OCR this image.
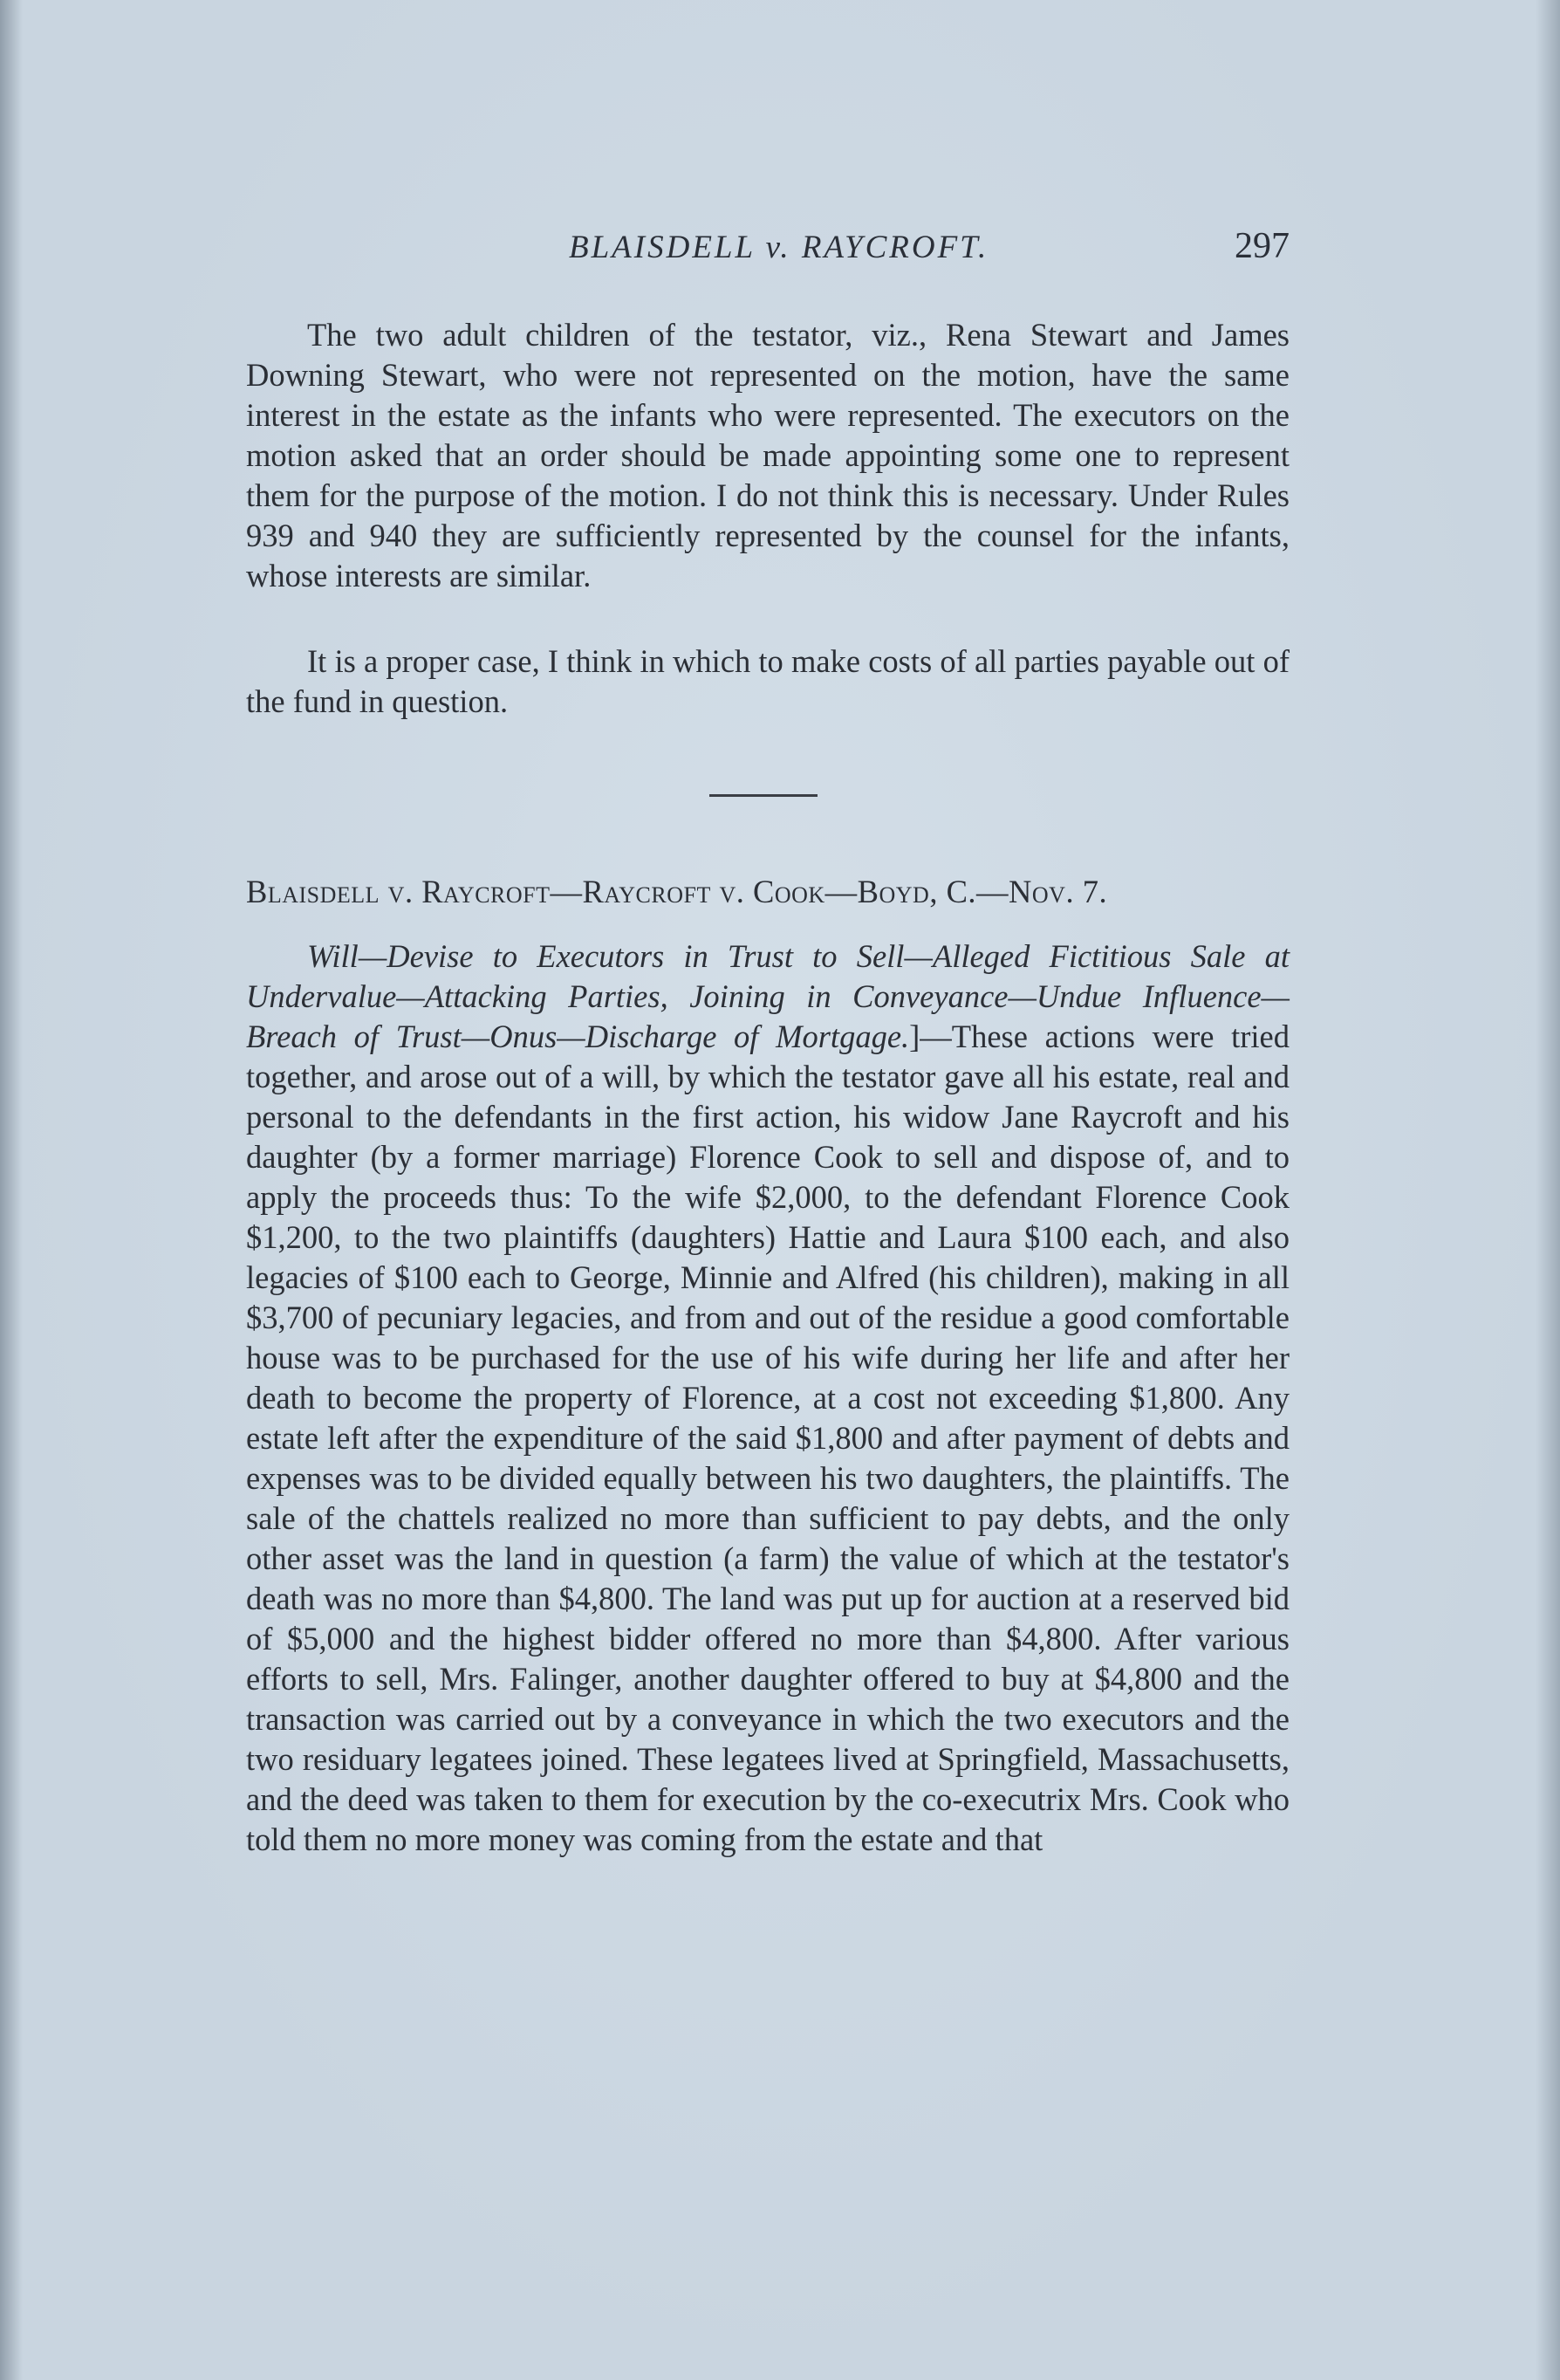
BLAISDELL v. RAYCROFT.	297

The two adult children of the testator, viz., Rena Stewart and James Downing Stewart, who were not represented on the motion, have the same interest in the estate as the infants who were represented. The executors on the motion asked that an order should be made appointing some one to represent them for the purpose of the motion. I do not think this is necessary. Under Rules 939 and 940 they are sufficiently represented by the counsel for the infants, whose interests are similar.

It is a proper case, I think in which to make costs of all parties payable out of the fund in question.

Blaisdell v. Raycroft—Raycroft v. Cook—Boyd, C.—Nov. 7.

Will—Devise to Executors in Trust to Sell—Alleged Fictitious Sale at Undervalue—Attacking Parties, Joining in Conveyance—Undue Influence—Breach of Trust—Onus—Discharge of Mortgage.]—These actions were tried together, and arose out of a will, by which the testator gave all his estate, real and personal to the defendants in the first action, his widow Jane Raycroft and his daughter (by a former marriage) Florence Cook to sell and dispose of, and to apply the proceeds thus: To the wife $2,000, to the defendant Florence Cook $1,200, to the two plaintiffs (daughters) Hattie and Laura $100 each, and also legacies of $100 each to George, Minnie and Alfred (his children), making in all $3,700 of pecuniary legacies, and from and out of the residue a good comfortable house was to be purchased for the use of his wife during her life and after her death to become the property of Florence, at a cost not exceeding $1,800. Any estate left after the expenditure of the said $1,800 and after payment of debts and expenses was to be divided equally between his two daughters, the plaintiffs. The sale of the chattels realized no more than sufficient to pay debts, and the only other asset was the land in question (a farm) the value of which at the testator's death was no more than $4,800. The land was put up for auction at a reserved bid of $5,000 and the highest bidder offered no more than $4,800. After various efforts to sell, Mrs. Falinger, another daughter offered to buy at $4,800 and the transaction was carried out by a conveyance in which the two executors and the two residuary legatees joined. These legatees lived at Springfield, Massachusetts, and the deed was taken to them for execution by the co-executrix Mrs. Cook who told them no more money was coming from the estate and that
